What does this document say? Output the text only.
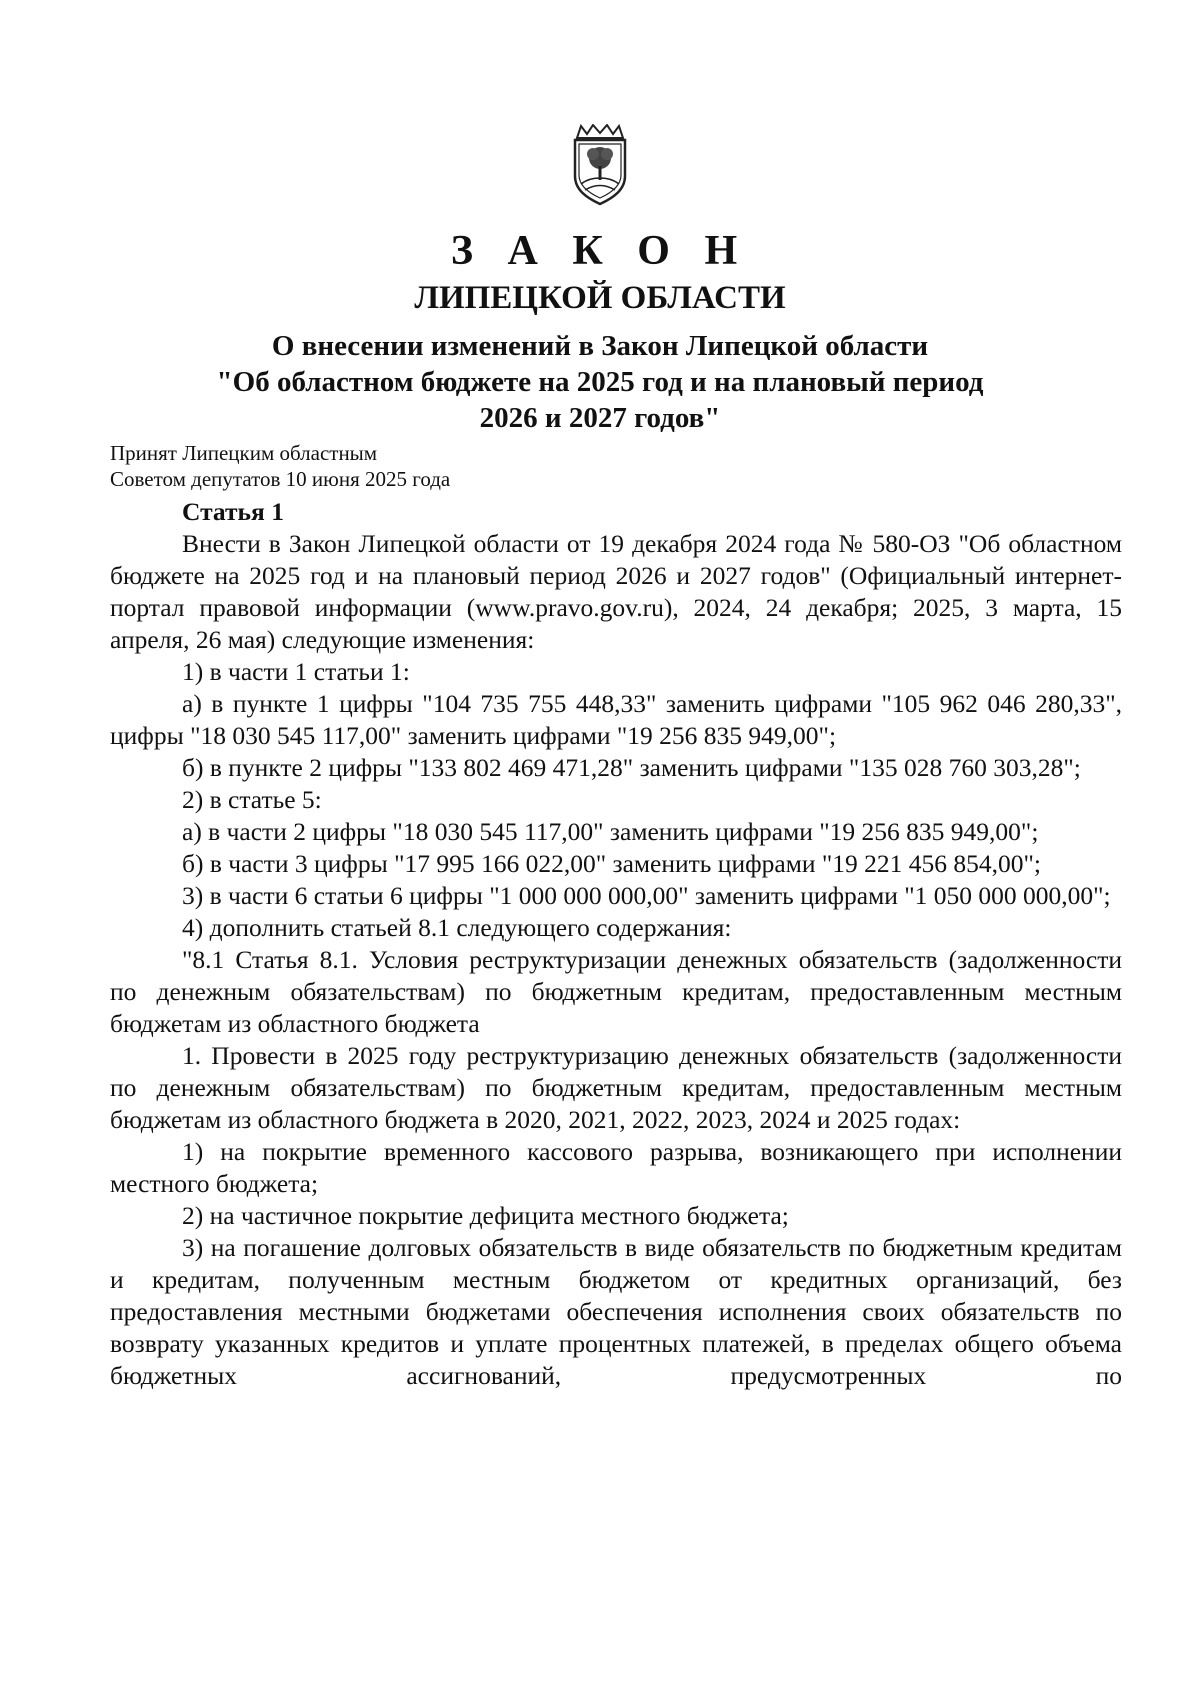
З А К О Н
ЛИПЕЦКОЙ ОБЛАСТИ
О внесении изменений в Закон Липецкой области
"Об областном бюджете на 2025 год и на плановый период
2026 и 2027 годов"
Принят Липецким областным
Советом депутатов 10 июня 2025 года
Статья 1
Внести в Закон Липецкой области от 19 декабря 2024 года № 580-ОЗ "Об областном бюджете на 2025 год и на плановый период 2026 и 2027 годов" (Официальный интернет-портал правовой информации (www.pravo.gov.ru), 2024, 24 декабря; 2025, 3 марта, 15 апреля, 26 мая) следующие изменения:
1) в части 1 статьи 1:
а) в пункте 1 цифры "104 735 755 448,33" заменить цифрами "105 962 046 280,33", цифры "18 030 545 117,00" заменить цифрами "19 256 835 949,00";
б) в пункте 2 цифры "133 802 469 471,28" заменить цифрами "135 028 760 303,28";
2) в статье 5:
а) в части 2 цифры "18 030 545 117,00" заменить цифрами "19 256 835 949,00";
б) в части 3 цифры "17 995 166 022,00" заменить цифрами "19 221 456 854,00";
3) в части 6 статьи 6 цифры "1 000 000 000,00" заменить цифрами "1 050 000 000,00";
4) дополнить статьей 8.1 следующего содержания:
"8.1 Статья 8.1. Условия реструктуризации денежных обязательств (задолженности по денежным обязательствам) по бюджетным кредитам, предоставленным местным бюджетам из областного бюджета
1. Провести в 2025 году реструктуризацию денежных обязательств (задолженности по денежным обязательствам) по бюджетным кредитам, предоставленным местным бюджетам из областного бюджета в 2020, 2021, 2022, 2023, 2024 и 2025 годах:
1) на покрытие временного кассового разрыва, возникающего при исполнении местного бюджета;
2) на частичное покрытие дефицита местного бюджета;
3) на погашение долговых обязательств в виде обязательств по бюджетным кредитам и кредитам, полученным местным бюджетом от кредитных организаций, без предоставления местными бюджетами обеспечения исполнения своих обязательств по возврату указанных кредитов и уплате процентных платежей, в пределах общего объема бюджетных ассигнований, предусмотренных по
